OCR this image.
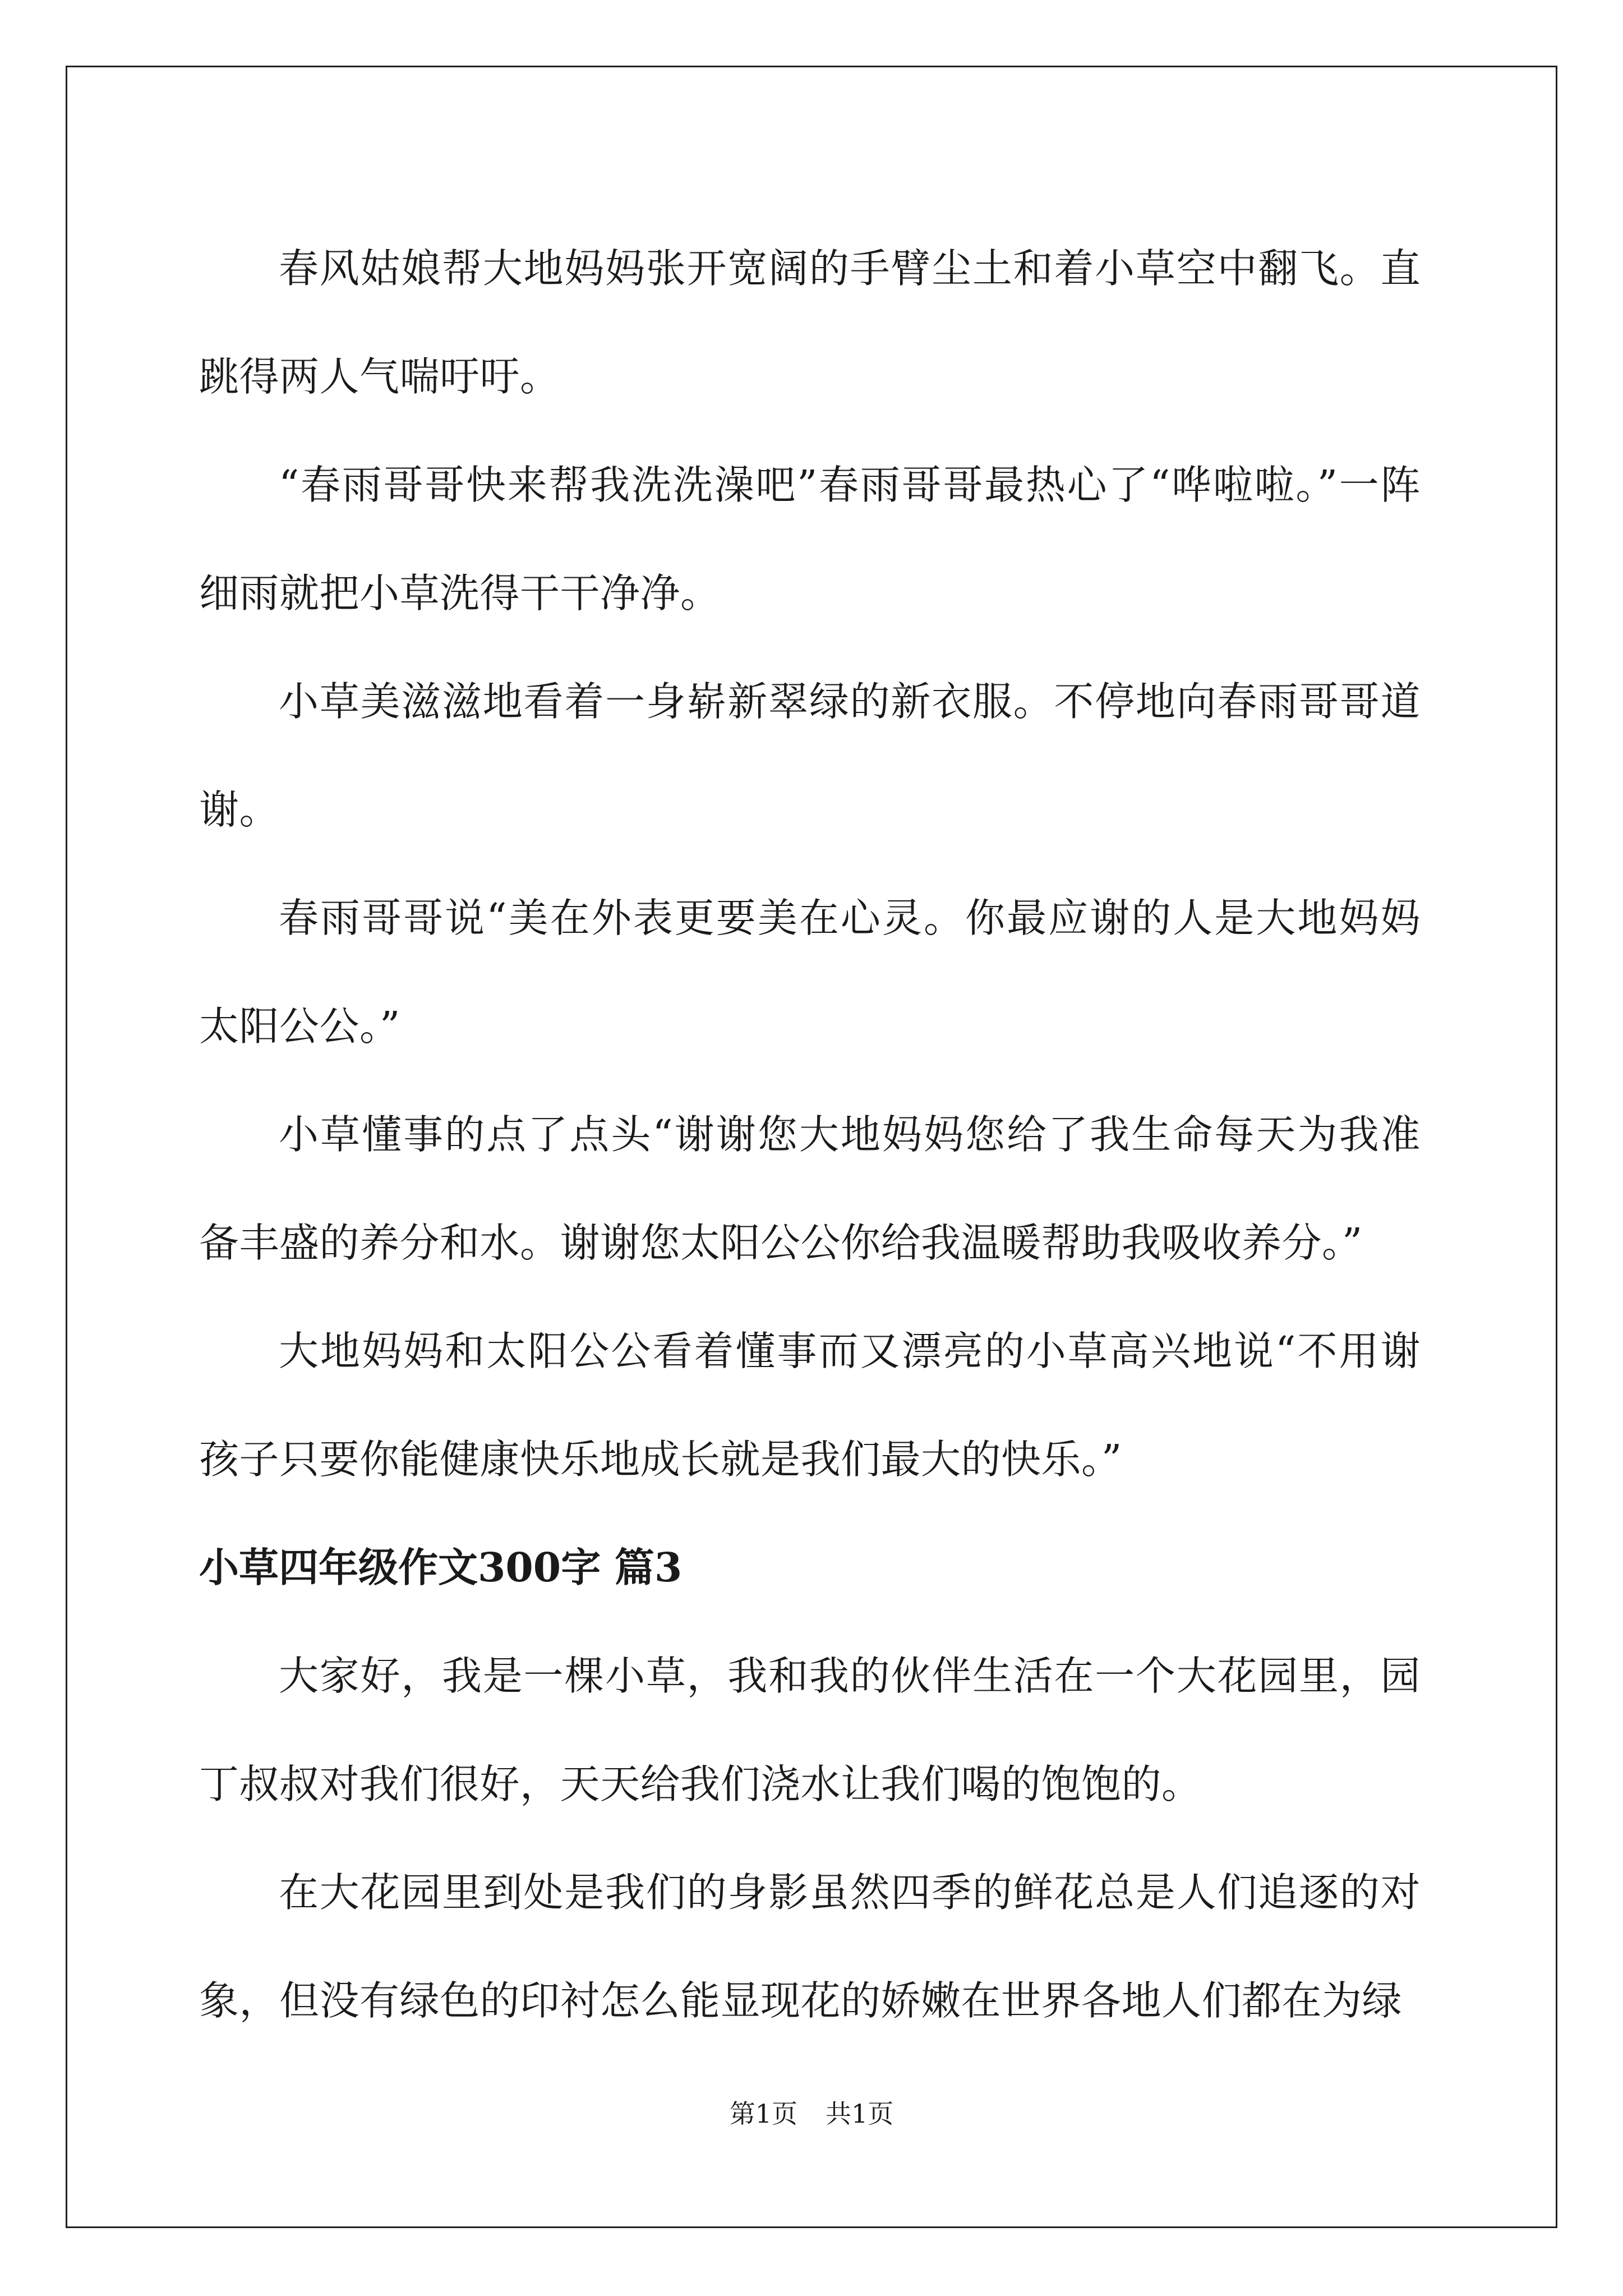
春风姑娘帮大地妈妈张开宽阔的手臂尘土和着小草空中翻飞。直跳得两人气喘吁吁。

“春雨哥哥快来帮我洗洗澡吧”春雨哥哥最热心了“哗啦啦。”一阵细雨就把小草洗得干干净净。

小草美滋滋地看着一身崭新翠绿的新衣服。不停地向春雨哥哥道谢。

春雨哥哥说“美在外表更要美在心灵。你最应谢的人是大地妈妈太阳公公。”

小草懂事的点了点头“谢谢您大地妈妈您给了我生命每天为我准备丰盛的养分和水。谢谢您太阳公公你给我温暖帮助我吸收养分。”

大地妈妈和太阳公公看着懂事而又漂亮的小草高兴地说“不用谢孩子只要你能健康快乐地成长就是我们最大的快乐。”

小草四年级作文300字 篇3

大家好，我是一棵小草，我和我的伙伴生活在一个大花园里，园丁叔叔对我们很好，天天给我们浇水让我们喝的饱饱的。

在大花园里到处是我们的身影虽然四季的鲜花总是人们追逐的对象，但没有绿色的印衬怎么能显现花的娇嫩在世界各地人们都在为绿

第1页 共1页
